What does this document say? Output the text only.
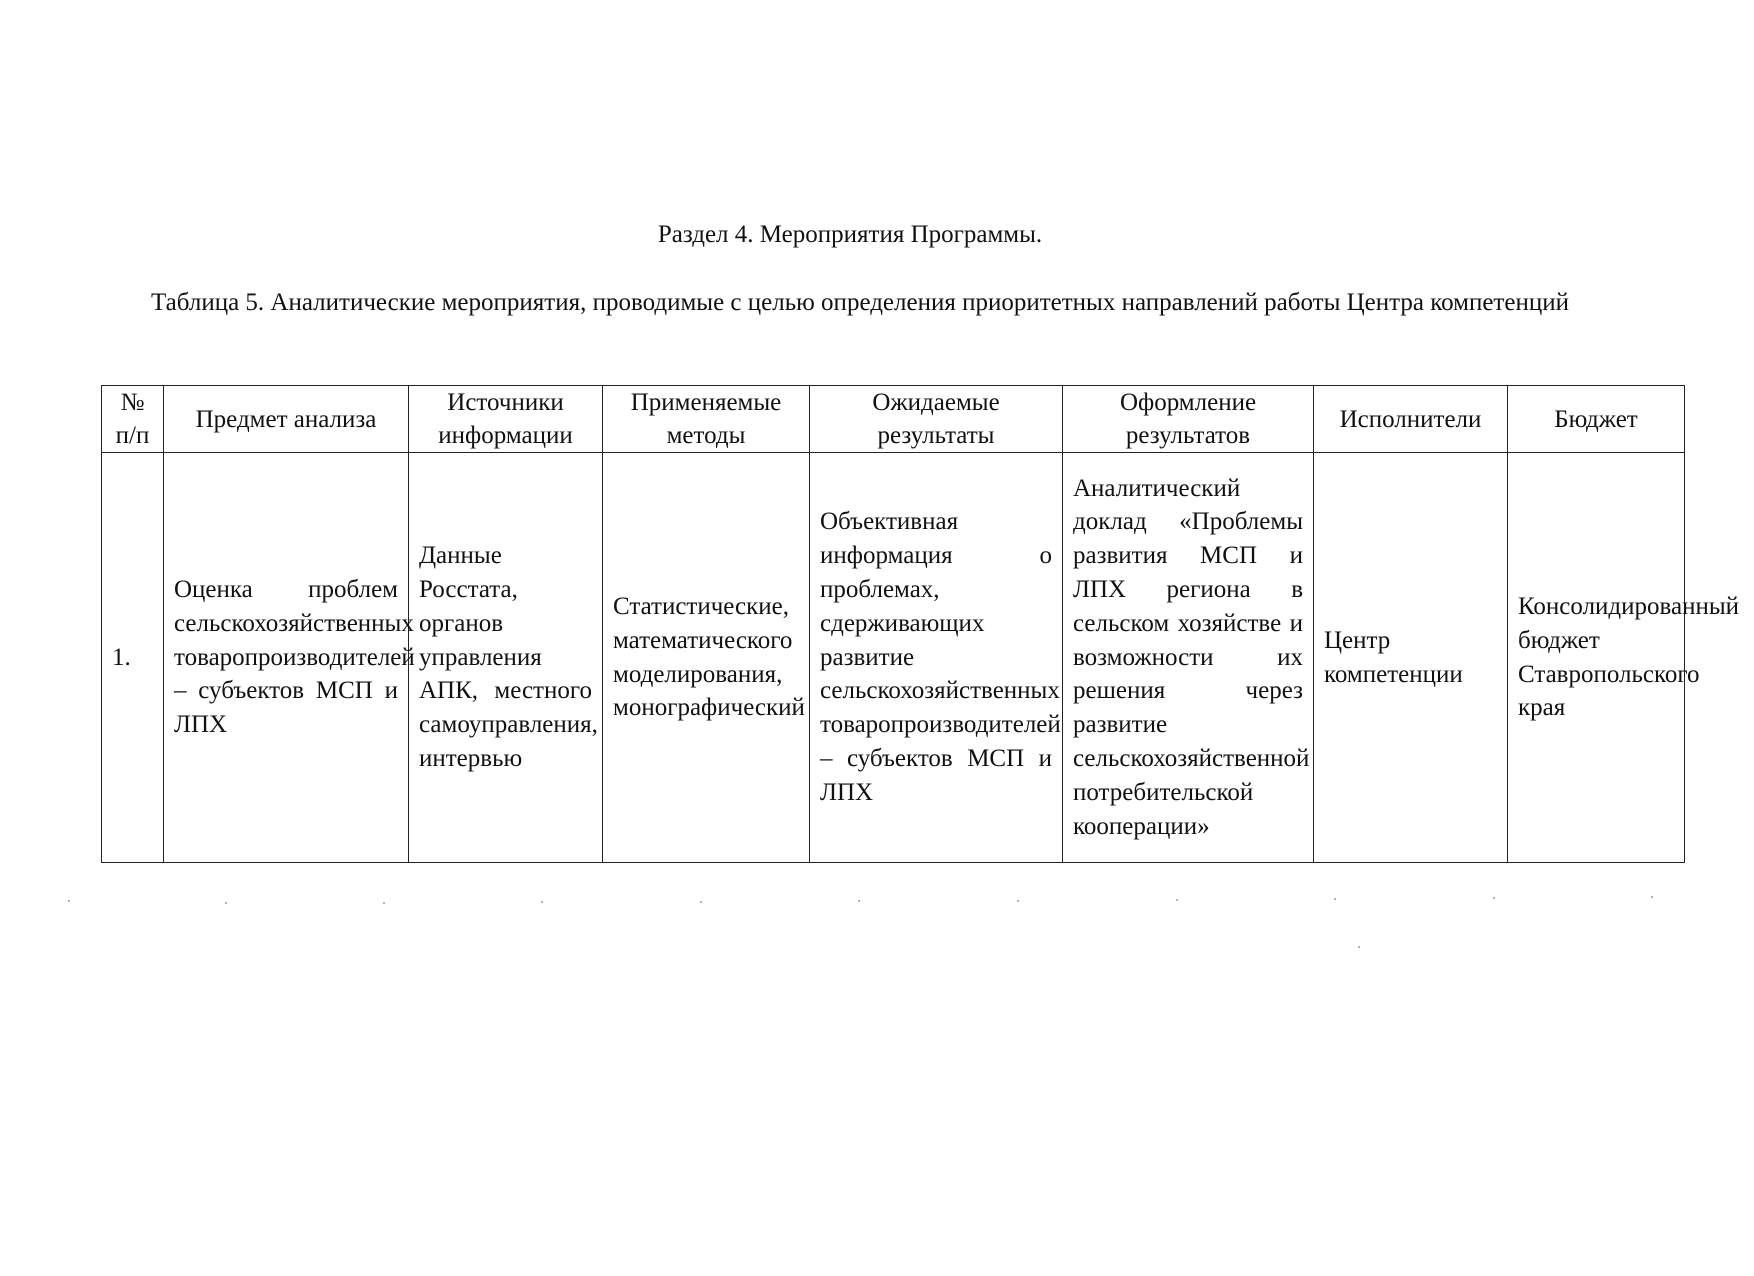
Раздел 4. Мероприятия Программы.
Таблица 5. Аналитические мероприятия, проводимые с целью определения приоритетных направлений работы Центра компетенций
№ п/п	Предмет анализа	Источники информации	Применяемые методы	Ожидаемые результаты	Оформление результатов	Исполнители	Бюджет
1.	Оценка проблем сельскохозяйственных товаропроизводителей – субъектов МСП и ЛПХ	Данные Росстата, органов управления АПК, местного самоуправления, интервью	Статистические, математического моделирования, монографический	Объективная информация о проблемах, сдерживающих развитие сельскохозяйственных товаропроизводителей – субъектов МСП и ЛПХ	Аналитический доклад «Проблемы развития МСП и ЛПХ региона в сельском хозяйстве и возможности их решения через развитие сельскохозяйственной потребительской кооперации»	Центр компетенции	Консолидированный бюджет Ставропольского края
